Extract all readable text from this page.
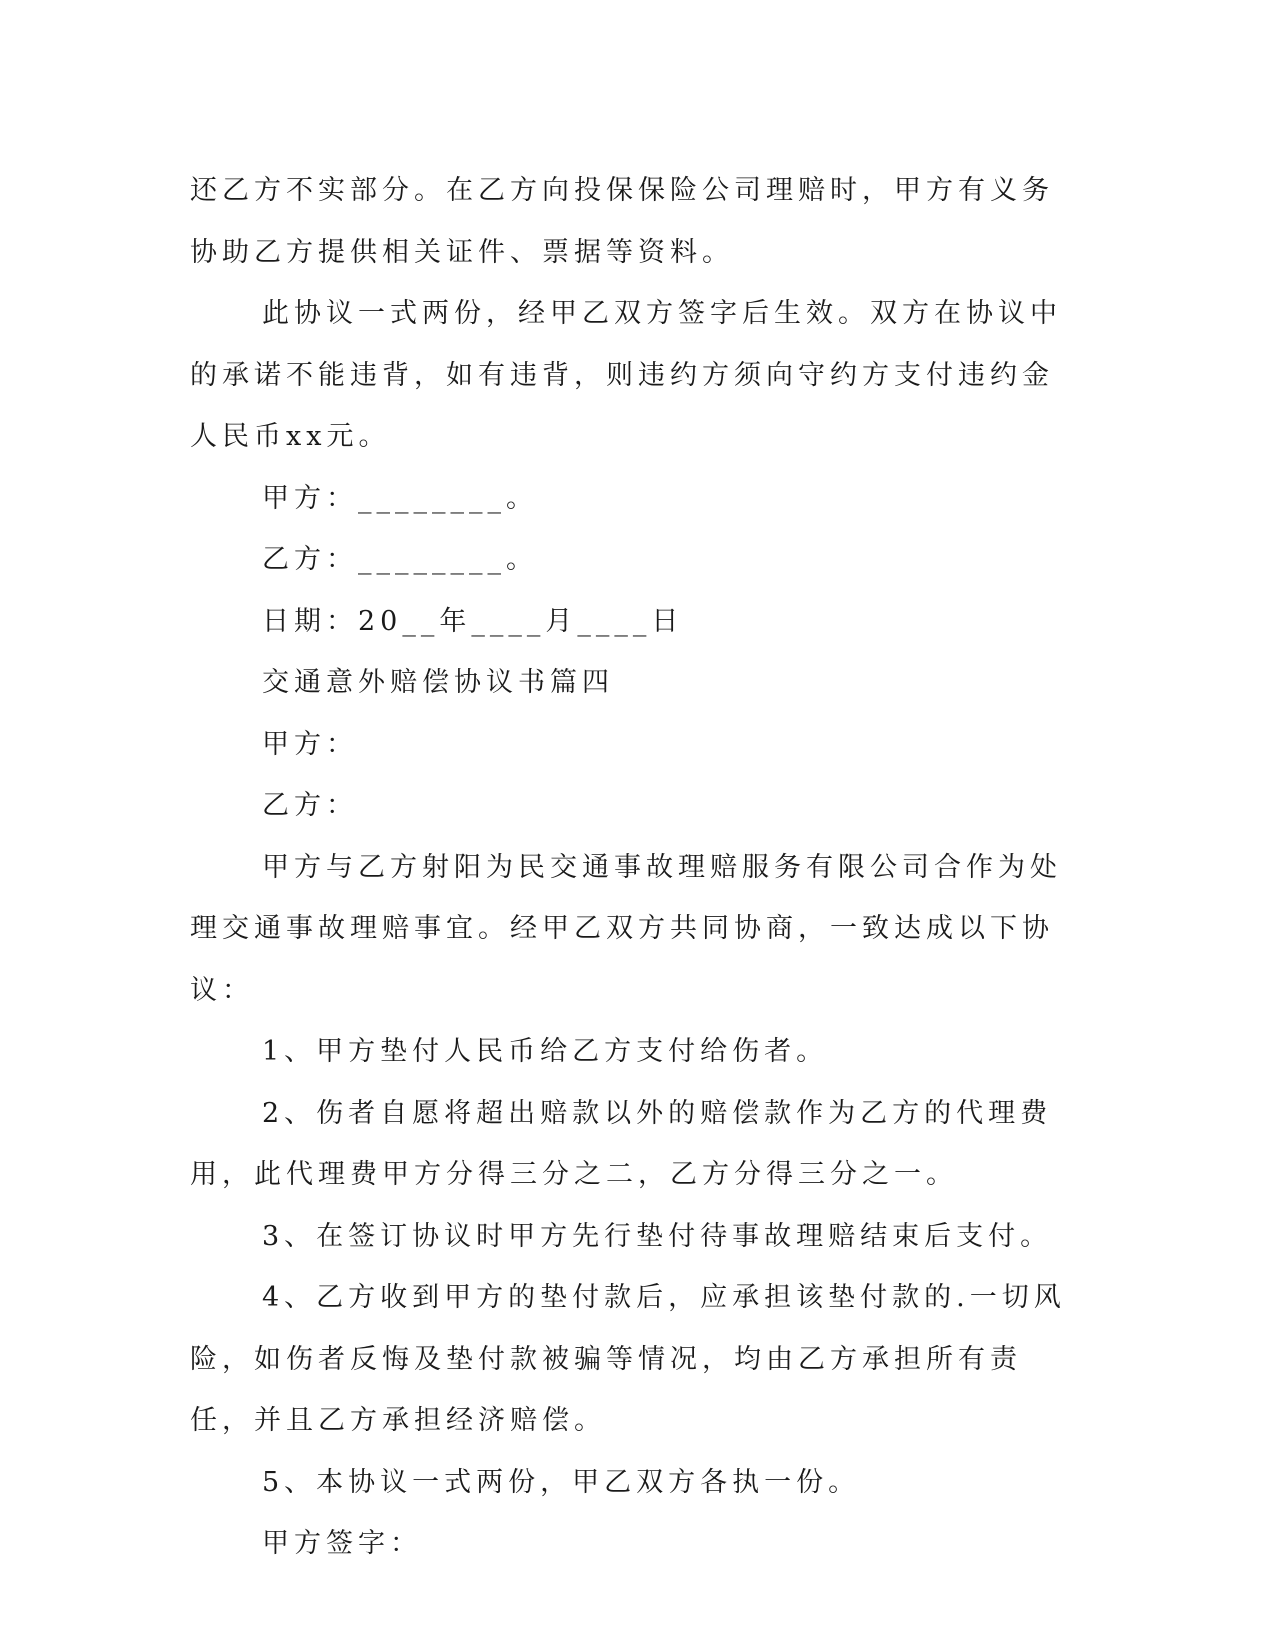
还乙方不实部分。在乙方向投保保险公司理赔时，甲方有义务协助乙方提供相关证件、票据等资料。

此协议一式两份，经甲乙双方签字后生效。双方在协议中的承诺不能违背，如有违背，则违约方须向守约方支付违约金人民币xx元。

甲方：________。

乙方：________。

日期：20__年____月____日

交通意外赔偿协议书篇四

甲方：

乙方：

甲方与乙方射阳为民交通事故理赔服务有限公司合作为处理交通事故理赔事宜。经甲乙双方共同协商，一致达成以下协议：

1、甲方垫付人民币给乙方支付给伤者。

2、伤者自愿将超出赔款以外的赔偿款作为乙方的代理费用，此代理费甲方分得三分之二，乙方分得三分之一。

3、在签订协议时甲方先行垫付待事故理赔结束后支付。

4、乙方收到甲方的垫付款后，应承担该垫付款的.一切风险，如伤者反悔及垫付款被骗等情况，均由乙方承担所有责任，并且乙方承担经济赔偿。

5、本协议一式两份，甲乙双方各执一份。

甲方签字：
